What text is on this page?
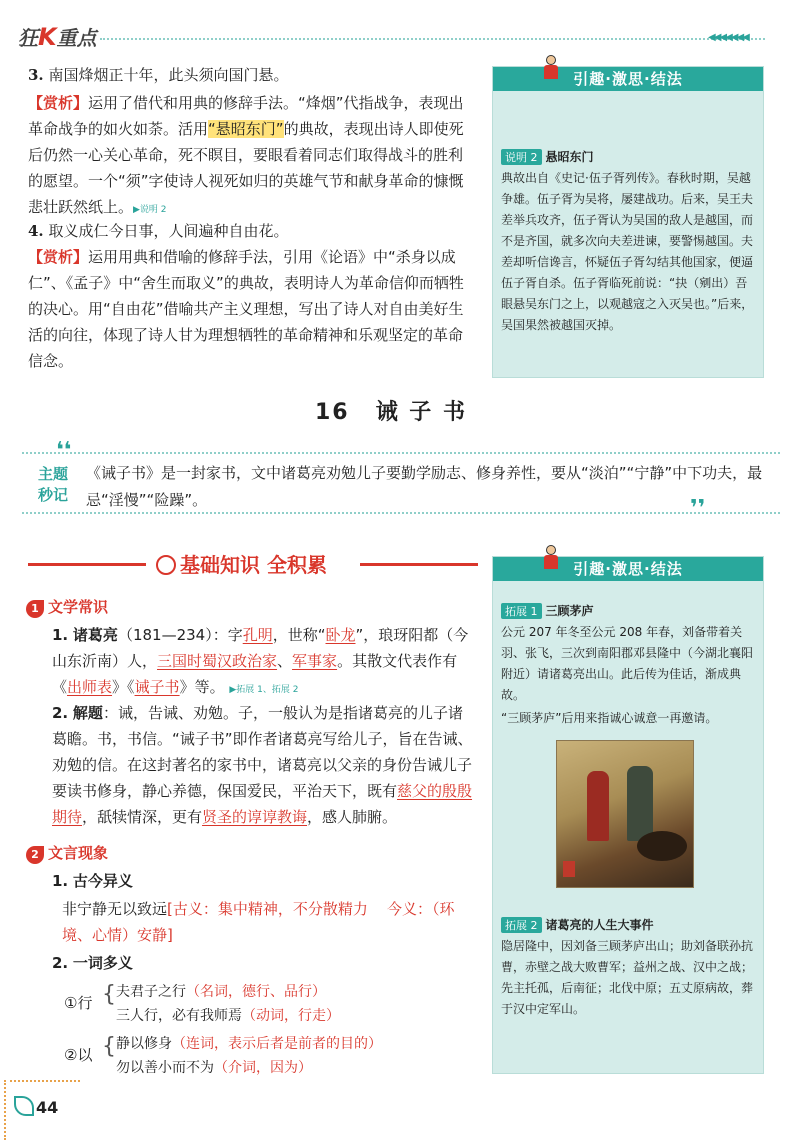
狂K重点	◀◀◀◀◀◀◀
3. 南国烽烟正十年，此头须向国门悬。
【赏析】运用了借代和用典的修辞手法。“烽烟”代指战争，表现出革命战争的如火如荼。活用“悬昭东门”的典故，表现出诗人即使死后仍然一心关心革命，死不瞑目，要眼看着同志们取得战斗的胜利的愿望。一个“须”字使诗人视死如归的英雄气节和献身革命的慷慨悲壮跃然纸上。▶说明 2
4. 取义成仁今日事，人间遍种自由花。
【赏析】运用用典和借喻的修辞手法，引用《论语》中“杀身以成仁”、《孟子》中“舍生而取义”的典故，表明诗人为革命信仰而牺牲的决心。用“自由花”借喻共产主义理想，写出了诗人对自由美好生活的向往，体现了诗人甘为理想牺牲的革命精神和乐观坚定的革命信念。
引趣·激思·结法
说明 2 悬昭东门
典故出自《史记·伍子胥列传》。春秋时期，吴越争雄。伍子胥为吴将，屡建战功。后来，吴王夫差举兵攻齐，伍子胥认为吴国的敌人是越国，而不是齐国，就多次向夫差进谏，要警惕越国。夫差却听信谗言，怀疑伍子胥勾结其他国家，便逼伍子胥自杀。伍子胥临死前说：“抉（剜出）吾眼悬吴东门之上，以观越寇之入灭吴也。”后来，吴国果然被越国灭掉。
16 诫 子 书
❛❛
主题秒记
《诫子书》是一封家书，文中诸葛亮劝勉儿子要勤学励志、修身养性，要从“淡泊”“宁静”中下功夫，最忌“淫慢”“险躁”。	❜❜
基础知识 全积累
1 文学常识
1. 诸葛亮（181—234）：字孔明，世称“卧龙”，琅玡阳都（今山东沂南）人，三国时蜀汉政治家、军事家。其散文代表作有《出师表》《诫子书》等。 ▶拓展 1、拓展 2
2. 解题：诫，告诫、劝勉。子，一般认为是指诸葛亮的儿子诸葛瞻。书，书信。“诫子书”即作者诸葛亮写给儿子，旨在告诫、劝勉的信。在这封著名的家书中，诸葛亮以父亲的身份告诫儿子要读书修身，静心养德，保国爱民，平治天下，既有慈父的殷殷期待，舐犊情深，更有贤圣的谆谆教诲，感人肺腑。
2 文言现象
1. 古今异义
非宁静无以致远[古义：集中精神，不分散精力 今义：（环境、心情）安静]
2. 一词多义
①行 { 夫君子之行（名词，德行、品行）
三人行，必有我师焉（动词，行走）
②以 { 静以修身（连词，表示后者是前者的目的）
勿以善小而不为（介词，因为）
引趣·激思·结法
拓展 1 三顾茅庐
公元 207 年冬至公元 208 年春，刘备带着关羽、张飞，三次到南阳郡邓县隆中（今湖北襄阳附近）请诸葛亮出山。此后传为佳话，渐成典故。
“三顾茅庐”后用来指诚心诚意一再邀请。
拓展 2 诸葛亮的人生大事件
隐居隆中，因刘备三顾茅庐出山；助刘备联孙抗曹，赤壁之战大败曹军；益州之战、汉中之战；先主托孤，后南征；北伐中原；五丈原病故，葬于汉中定军山。
44
